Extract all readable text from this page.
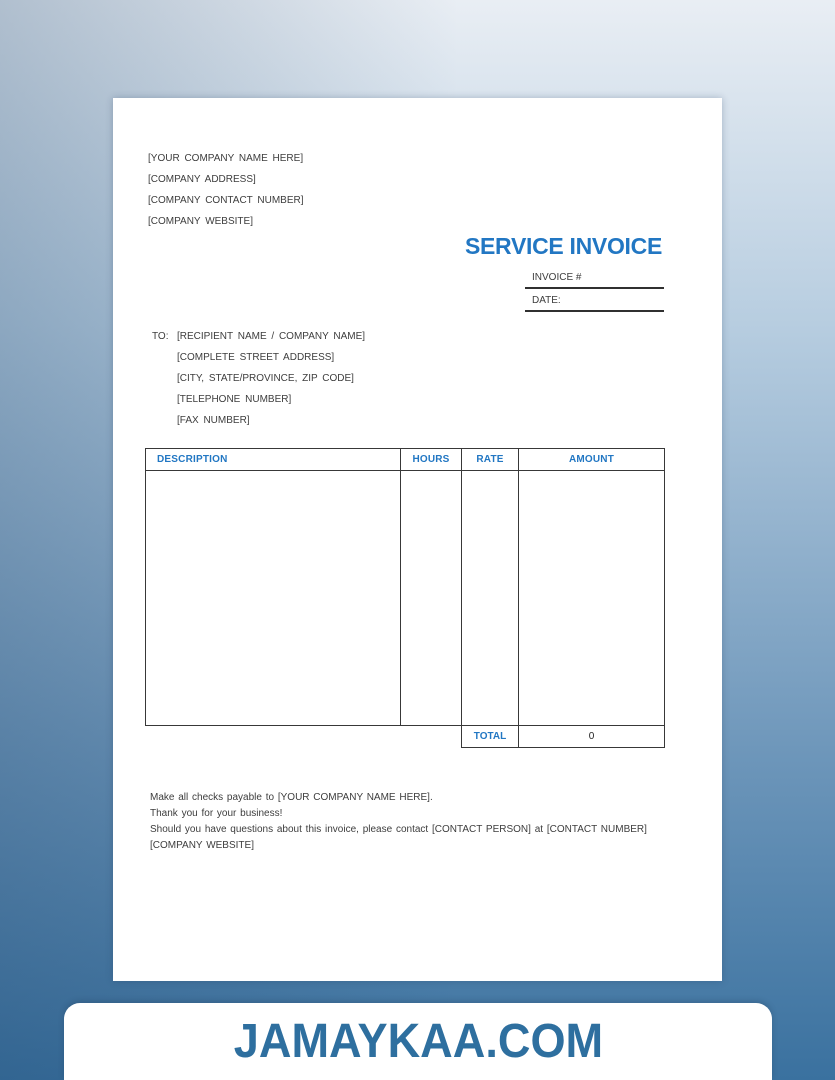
[YOUR COMPANY NAME HERE]
[COMPANY ADDRESS]
[COMPANY CONTACT NUMBER]
[COMPANY WEBSITE]
SERVICE INVOICE
INVOICE #
DATE:
TO: [RECIPIENT NAME / COMPANY NAME]
[COMPLETE STREET ADDRESS]
[CITY, STATE/PROVINCE, ZIP CODE]
[TELEPHONE NUMBER]
[FAX NUMBER]
DESCRIPTION	HOURS	RATE	AMOUNT

		TOTAL	0
Make all checks payable to [YOUR COMPANY NAME HERE].
Thank you for your business!
Should you have questions about this invoice, please contact [CONTACT PERSON] at [CONTACT NUMBER]
[COMPANY WEBSITE]
JAMAYKAA.COM
